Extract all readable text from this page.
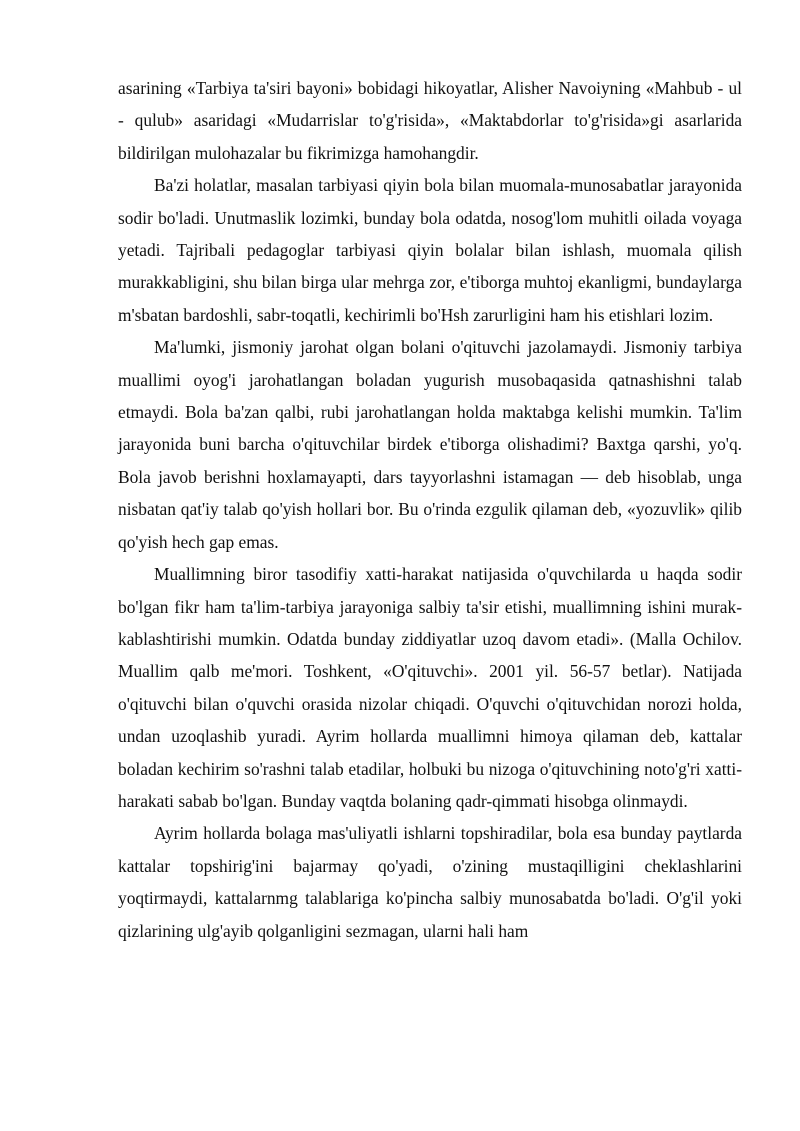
asarining «Tarbiya ta'siri bayoni» bobidagi hikoyatlar, Alisher Navoiyning «Mahbub - ul - qulub» asaridagi «Mudarrislar to'g'risida», «Maktabdorlar to'g'risida»gi asarlarida bildirilgan mulohazalar bu fikrimizga hamohangdir.

Ba'zi holatlar, masalan tarbiyasi qiyin bola bilan muomala-munosabatlar jarayonida sodir bo'ladi. Unutmaslik lozimki, bunday bola odatda, nosog'lom muhitli oilada voyaga yetadi. Tajribali pedagoglar tarbiyasi qiyin bolalar bilan ishlash, muomala qilish murakkabligini, shu bilan birga ular mehrga zor, e'tiborga muhtoj ekanligmi, bundaylarga m'sbatan bardoshli, sabr-toqatli, kechirimli bo'Hsh zarurligini ham his etishlari lozim.

Ma'lumki, jismoniy jarohat olgan bolani o'qituvchi jazolamaydi. Jismoniy tarbiya muallimi oyog'i jarohatlangan boladan yugurish musobaqasida qatnashishni talab etmaydi. Bola ba'zan qalbi, rubi jarohatlangan holda maktabga kelishi mumkin. Ta'lim jarayonida buni barcha o'qituvchilar birdek e'tiborga olishadimi? Baxtga qarshi, yo'q. Bola javob berishni hoxlamayapti, dars tayyorlashni istamagan — deb hisoblab, unga nisbatan qat'iy talab qo'yish hollari bor. Bu o'rinda ezgulik qilaman deb, «yozuvlik» qilib qo'yish hech gap emas.

Muallimning biror tasodifiy xatti-harakat natijasida o'quvchilarda u haqda sodir bo'lgan fikr ham ta'lim-tarbiya jarayoniga salbiy ta'sir etishi, muallimning ishini murak-kablashtirishi mumkin. Odatda bunday ziddiyatlar uzoq davom etadi». (Malla Ochilov. Muallim qalb me'mori. Toshkent, «O'qituvchi». 2001 yil. 56-57 betlar). Natijada o'qituvchi bilan o'quvchi orasida nizolar chiqadi. O'quvchi o'qituvchidan norozi holda, undan uzoqlashib yuradi. Ayrim hollarda muallimni himoya qilaman deb, kattalar boladan kechirim so'rashni talab etadilar, holbuki bu nizoga o'qituvchining noto'g'ri xatti-harakati sabab bo'lgan. Bunday vaqtda bolaning qadr-qimmati hisobga olinmaydi.

Ayrim hollarda bolaga mas'uliyatli ishlarni topshiradilar, bola esa bunday paytlarda kattalar topshirig'ini bajarmay qo'yadi, o'zining mustaqilligini cheklashlarini yoqtirmaydi, kattalarnmg talablariga ko'pincha salbiy munosabatda bo'ladi. O'g'il yoki qizlarining ulg'ayib qolganligini sezmagan, ularni hali ham
